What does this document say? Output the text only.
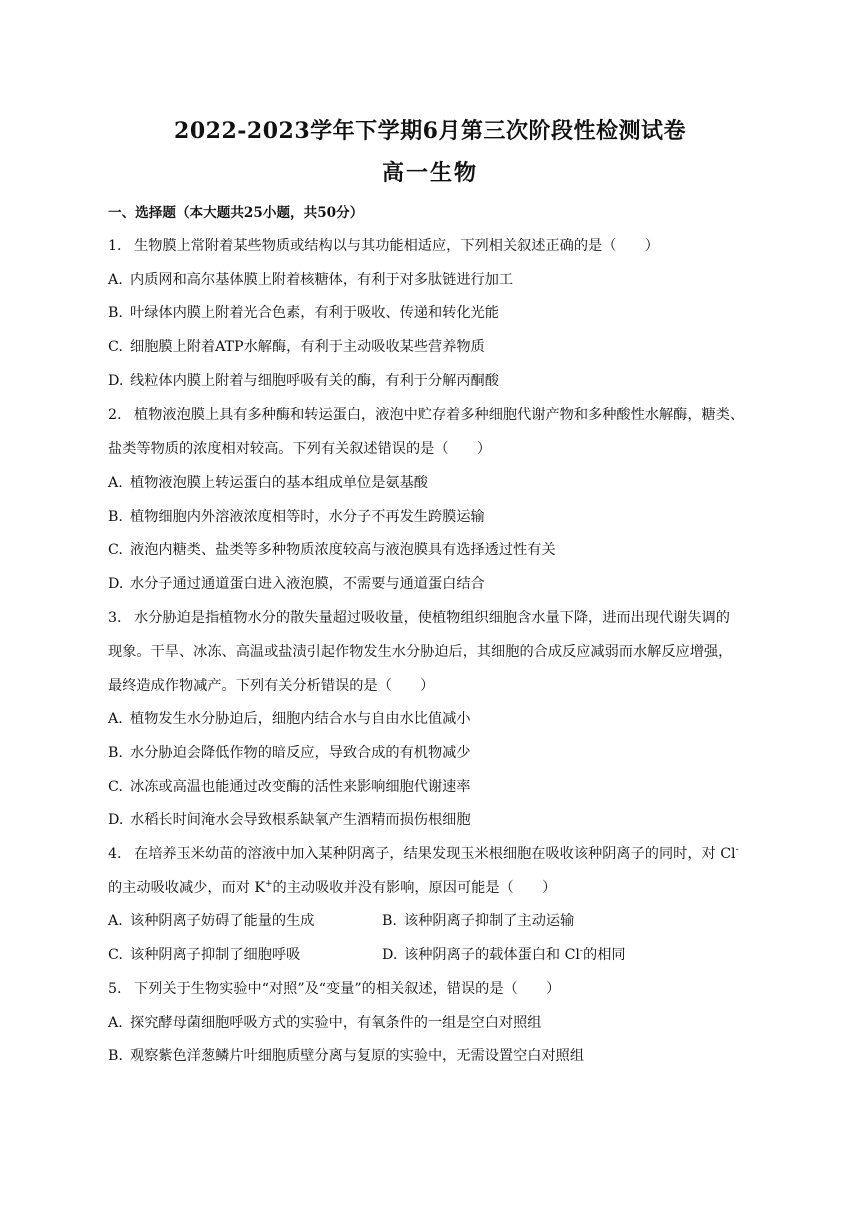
2022-2023学年下学期6月第三次阶段性检测试卷
高一生物
一、选择题（本大题共25小题，共50分）
1. 生物膜上常附着某些物质或结构以与其功能相适应，下列相关叙述正确的是（　　）
A. 内质网和高尔基体膜上附着核糖体，有利于对多肽链进行加工
B. 叶绿体内膜上附着光合色素，有利于吸收、传递和转化光能
C. 细胞膜上附着ATP水解酶，有利于主动吸收某些营养物质
D. 线粒体内膜上附着与细胞呼吸有关的酶，有利于分解丙酮酸
2. 植物液泡膜上具有多种酶和转运蛋白，液泡中贮存着多种细胞代谢产物和多种酸性水解酶，糖类、
盐类等物质的浓度相对较高。下列有关叙述错误的是（　　）
A. 植物液泡膜上转运蛋白的基本组成单位是氨基酸
B. 植物细胞内外溶液浓度相等时，水分子不再发生跨膜运输
C. 液泡内糖类、盐类等多种物质浓度较高与液泡膜具有选择透过性有关
D. 水分子通过通道蛋白进入液泡膜，不需要与通道蛋白结合
3. 水分胁迫是指植物水分的散失量超过吸收量，使植物组织细胞含水量下降，进而出现代谢失调的
现象。干旱、冰冻、高温或盐渍引起作物发生水分胁迫后，其细胞的合成反应减弱而水解反应增强，
最终造成作物减产。下列有关分析错误的是（　　）
A. 植物发生水分胁迫后，细胞内结合水与自由水比值减小
B. 水分胁迫会降低作物的暗反应，导致合成的有机物减少
C. 冰冻或高温也能通过改变酶的活性来影响细胞代谢速率
D. 水稻长时间淹水会导致根系缺氧产生酒精而损伤根细胞
4. 在培养玉米幼苗的溶液中加入某种阴离子，结果发现玉米根细胞在吸收该种阴离子的同时，对 Cl-
的主动吸收减少，而对 K+的主动吸收并没有影响，原因可能是（　　）
A. 该种阴离子妨碍了能量的生成	B. 该种阴离子抑制了主动运输
C. 该种阴离子抑制了细胞呼吸	D. 该种阴离子的载体蛋白和 Cl-的相同
5. 下列关于生物实验中“对照”及“变量”的相关叙述，错误的是（　　）
A. 探究酵母菌细胞呼吸方式的实验中，有氧条件的一组是空白对照组
B. 观察紫色洋葱鳞片叶细胞质壁分离与复原的实验中，无需设置空白对照组
